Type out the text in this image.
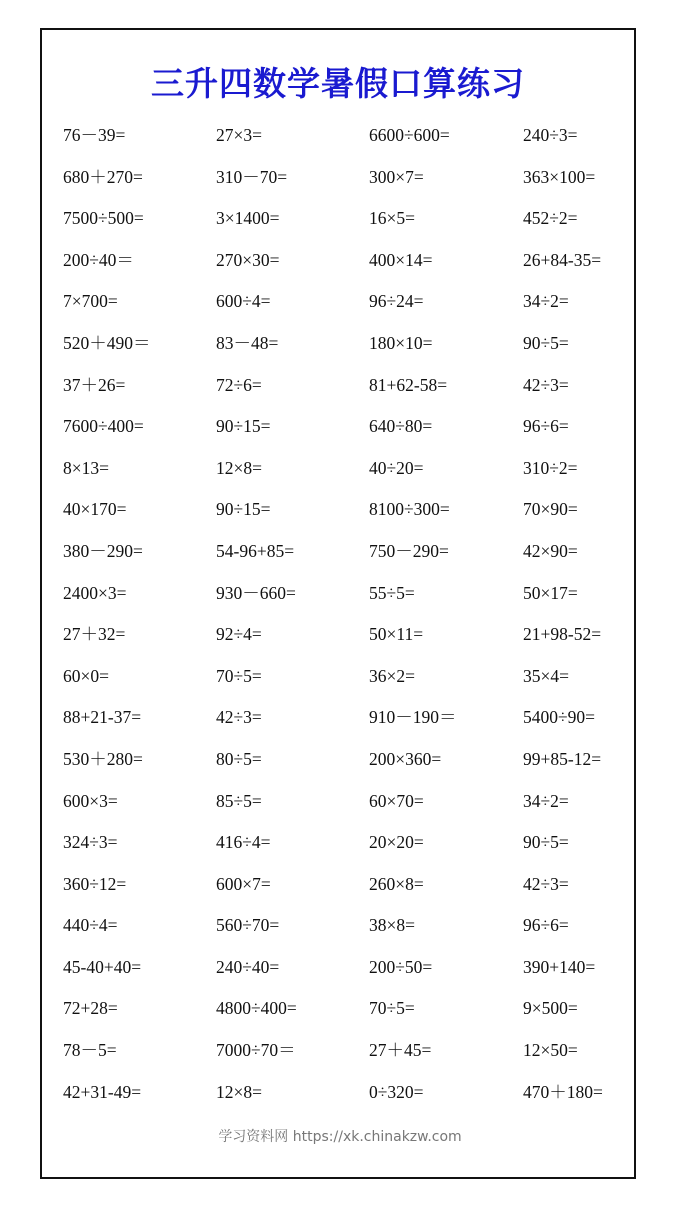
三升四数学暑假口算练习
76－39=	27×3=	6600÷600=	240÷3=
680＋270=	310－70=	300×7=	363×100=
7500÷500=	3×1400=	16×5=	452÷2=
200÷40＝	270×30=	400×14=	26+84-35=
7×700=	600÷4=	96÷24=	34÷2=
520＋490＝	83－48=	180×10=	90÷5=
37＋26=	72÷6=	81+62-58=	42÷3=
7600÷400=	90÷15=	640÷80=	96÷6=
8×13=	12×8=	40÷20=	310÷2=
40×170=	90÷15=	8100÷300=	70×90=
380－290=	54-96+85=	750－290=	42×90=
2400×3=	930－660=	55÷5=	50×17=
27＋32=	92÷4=	50×11=	21+98-52=
60×0=	70÷5=	36×2=	35×4=
88+21-37=	42÷3=	910－190＝	5400÷90=
530＋280=	80÷5=	200×360=	99+85-12=
600×3=	85÷5=	60×70=	34÷2=
324÷3=	416÷4=	20×20=	90÷5=
360÷12=	600×7=	260×8=	42÷3=
440÷4=	560÷70=	38×8=	96÷6=
45-40+40=	240÷40=	200÷50=	390+140=
72+28=	4800÷400=	70÷5=	9×500=
78－5=	7000÷70＝	27＋45=	12×50=
42+31-49=	12×8=	0÷320=	470＋180=
学习资料网 https://xk.chinakzw.com
